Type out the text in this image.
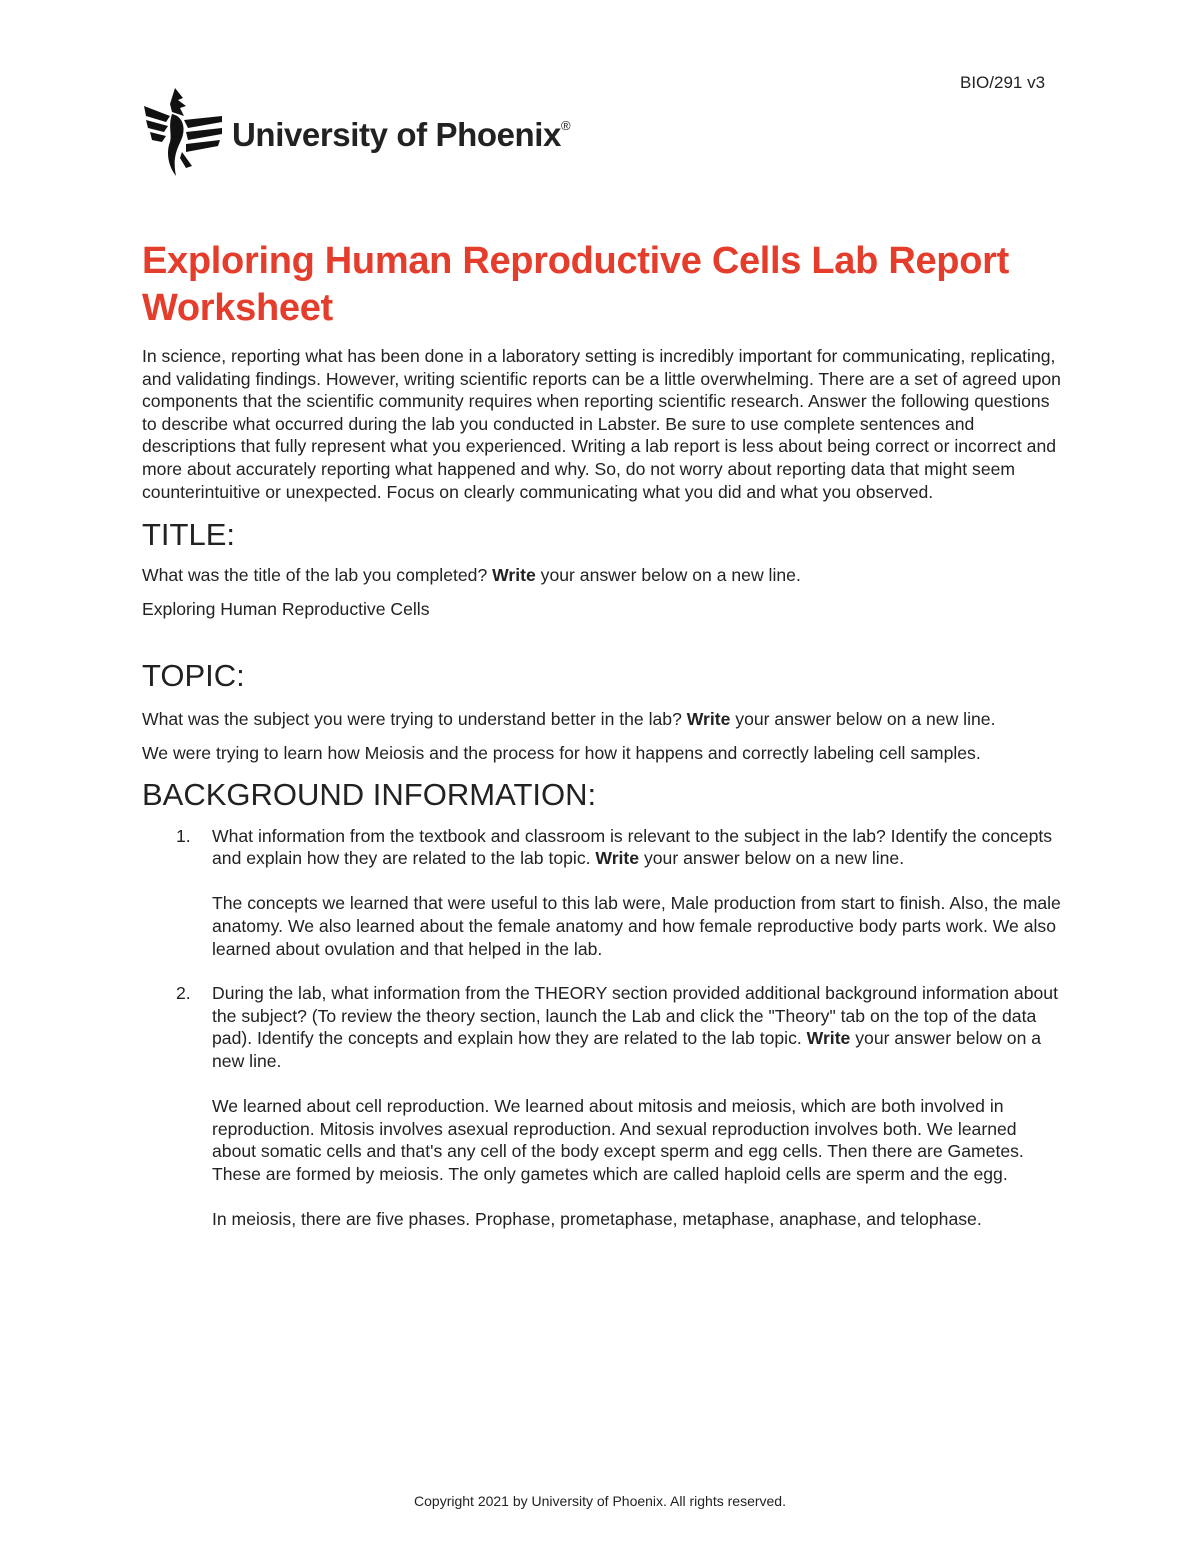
BIO/291 v3
University of Phoenix®
Exploring Human Reproductive Cells Lab Report Worksheet

In science, reporting what has been done in a laboratory setting is incredibly important for communicating, replicating, and validating findings. However, writing scientific reports can be a little overwhelming. There are a set of agreed upon components that the scientific community requires when reporting scientific research. Answer the following questions to describe what occurred during the lab you conducted in Labster. Be sure to use complete sentences and descriptions that fully represent what you experienced. Writing a lab report is less about being correct or incorrect and more about accurately reporting what happened and why. So, do not worry about reporting data that might seem counterintuitive or unexpected. Focus on clearly communicating what you did and what you observed.

TITLE:

What was the title of the lab you completed? Write your answer below on a new line.

Exploring Human Reproductive Cells

TOPIC:

What was the subject you were trying to understand better in the lab? Write your answer below on a new line.

We were trying to learn how Meiosis and the process for how it happens and correctly labeling cell samples.

BACKGROUND INFORMATION:
1. What information from the textbook and classroom is relevant to the subject in the lab? Identify the concepts and explain how they are related to the lab topic. Write your answer below on a new line.

The concepts we learned that were useful to this lab were, Male production from start to finish. Also, the male anatomy. We also learned about the female anatomy and how female reproductive body parts work. We also learned about ovulation and that helped in the lab.

2. During the lab, what information from the THEORY section provided additional background information about the subject? (To review the theory section, launch the Lab and click the "Theory" tab on the top of the data pad). Identify the concepts and explain how they are related to the lab topic. Write your answer below on a new line.

We learned about cell reproduction. We learned about mitosis and meiosis, which are both involved in reproduction. Mitosis involves asexual reproduction. And sexual reproduction involves both. We learned about somatic cells and that's any cell of the body except sperm and egg cells. Then there are Gametes. These are formed by meiosis. The only gametes which are called haploid cells are sperm and the egg.

In meiosis, there are five phases. Prophase, prometaphase, metaphase, anaphase, and telophase.

Copyright 2021 by University of Phoenix. All rights reserved.
